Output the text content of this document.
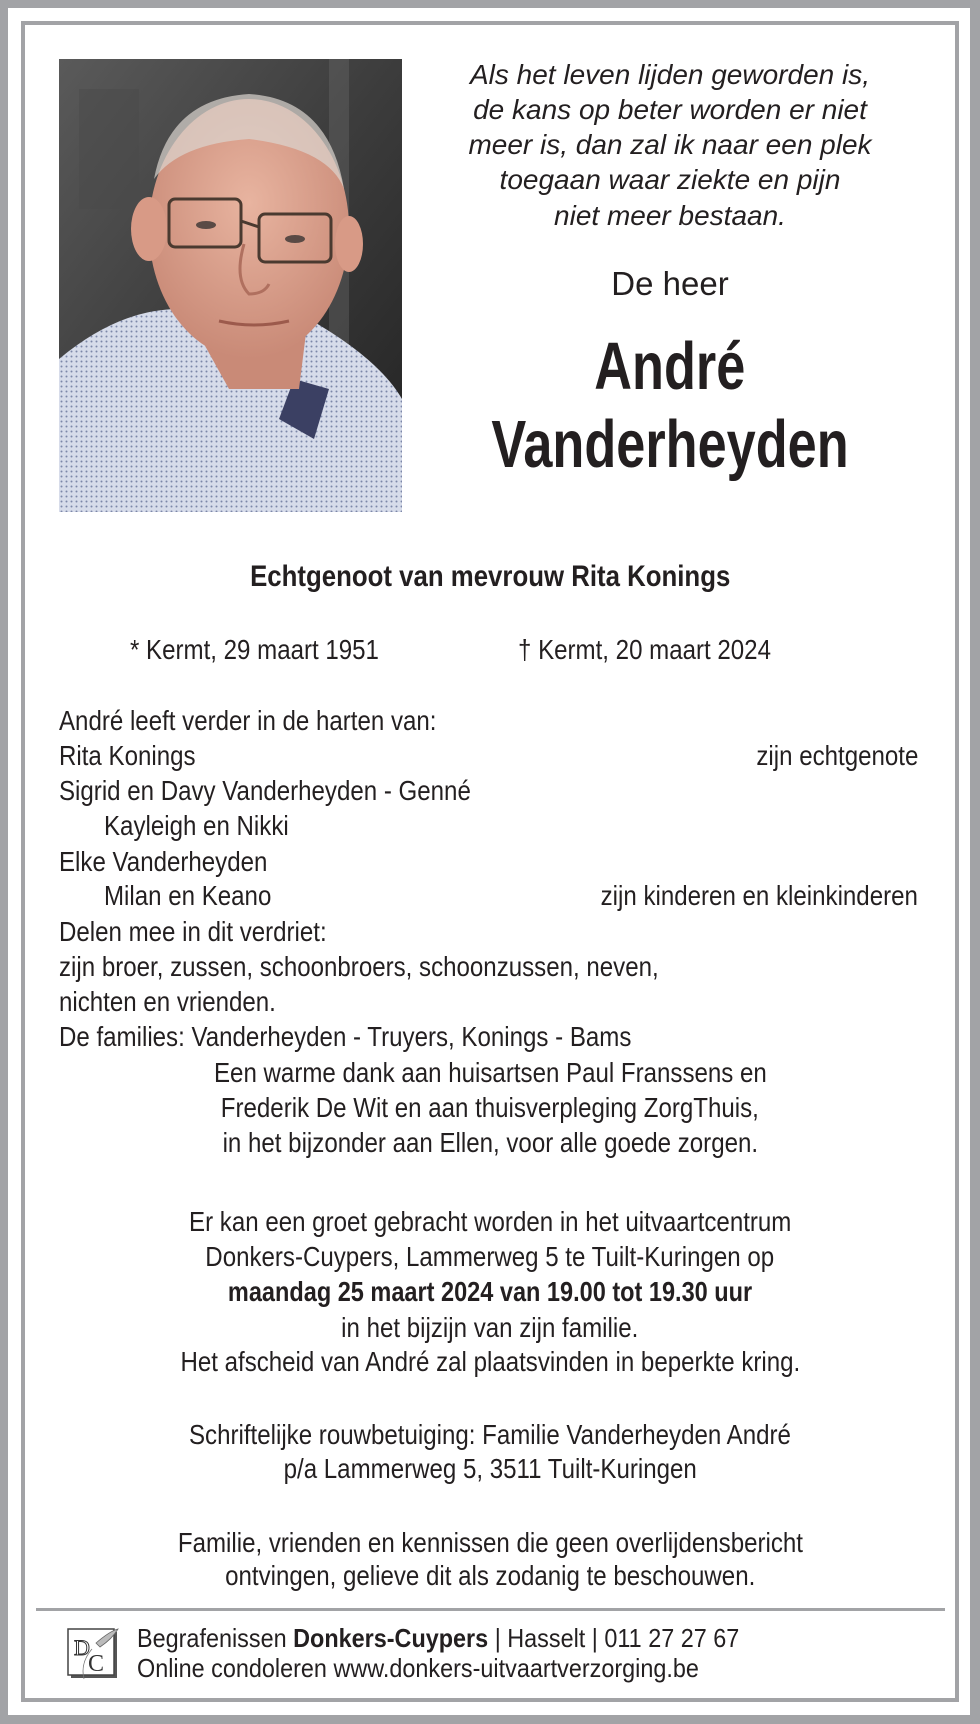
Als het leven lijden geworden is,
de kans op beter worden er niet
meer is, dan zal ik naar een plek
toegaan waar ziekte en pijn
niet meer bestaan.
De heer
André
Vanderheyden
Echtgenoot van mevrouw Rita Konings
* Kermt, 29 maart 1951	† Kermt, 20 maart 2024
André leeft verder in de harten van:
Rita Konings	zijn echtgenote
Sigrid en Davy Vanderheyden - Genné
Kayleigh en Nikki
Elke Vanderheyden
Milan en Keano	zijn kinderen en kleinkinderen
Delen mee in dit verdriet:
zijn broer, zussen, schoonbroers, schoonzussen, neven,
nichten en vrienden.
De families: Vanderheyden - Truyers, Konings - Bams
Een warme dank aan huisartsen Paul Franssens en
Frederik De Wit en aan thuisverpleging ZorgThuis,
in het bijzonder aan Ellen, voor alle goede zorgen.
Er kan een groet gebracht worden in het uitvaartcentrum
Donkers-Cuypers, Lammerweg 5 te Tuilt-Kuringen op
maandag 25 maart 2024 van 19.00 tot 19.30 uur
in het bijzijn van zijn familie.
Het afscheid van André zal plaatsvinden in beperkte kring.
Schriftelijke rouwbetuiging: Familie Vanderheyden André
p/a Lammerweg 5, 3511 Tuilt-Kuringen
Familie, vrienden en kennissen die geen overlijdensbericht
ontvingen, gelieve dit als zodanig te beschouwen.
D
C
Begrafenissen Donkers-Cuypers | Hasselt | 011 27 27 67
Online condoleren www.donkers-uitvaartverzorging.be
